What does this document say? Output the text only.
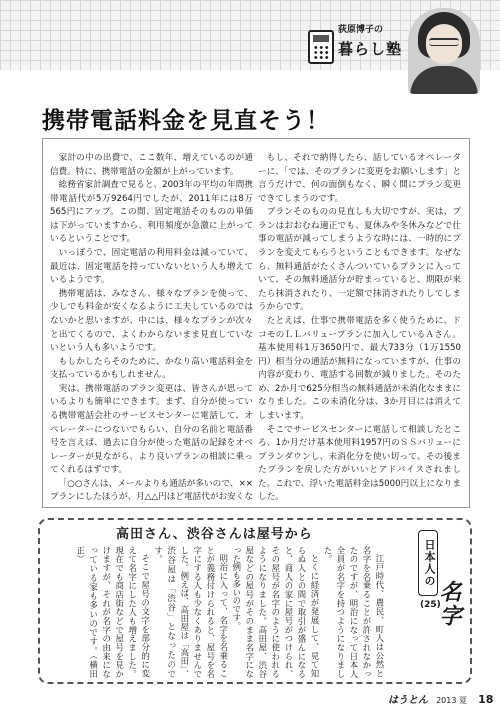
荻原博子の
暮らし塾
携帯電話料金を見直そう！

家計の中の出費で、ここ数年、増えているのが通信費。特に、携帯電話の金額が上がっています。

総務省家計調査で見ると、2003年の平均の年間携帯電話代が5万9264円でしたが、2011年には8万565円にアップ。この間、固定電話そのものの単価は下がっていますから、利用頻度が急激に上がっているということです。

いっぽうで、固定電話の利用料金は減っていて、最近は、固定電話を持っていないという人も増えているようです。

携帯電話は、みなさん、様々なプランを使って、少しでも料金が安くなるように工夫しているのではないかと思いますが、中には、様々なプランが次々と出てくるので、よくわからないまま見直していないという人も多いようです。

もしかしたらそのために、かなり高い電話料金を支払っているかもしれません。

実は、携帯電話のプラン変更は、皆さんが思っているよりも簡単にできます。まず、自分が使っている携帯電話会社のサービスセンターに電話して、オペレーターにつないでもらい、自分の名前と電話番号を言えば、過去に自分が使った電話の記録をオペレーターが見ながら、より良いプランの相談に乗ってくれるはずです。

「○○さんは、メールよりも通話が多いので、××プランにしたほうが、月△△円ほど電話代がお安くな

もし、それで納得したら、話しているオペレーターに、「では、そのプランに変更をお願いします」と言うだけで、何の面倒もなく、瞬く間にプラン変更できてしまうのです。

プランそのものの見直しも大切ですが、実は、プランはおおむね適正でも、夏休みや冬休みなどで仕事の電話が減ってしまうような時には、一時的にプランを変えてもらうということもできます。なぜなら、無料通話がたくさんついているプランに入っていて、その無料通話分が貯まっていると、期限が来たら抹消されたり、一定額で抹消されたりしてしまうからです。

たとえば、仕事で携帯電話を多く使うために、ドコモのＬＬバリュープランに加入しているＡさん。基本使用料1万3650円で、最大733分（1万1550円）相当分の通話が無料になっていますが、仕事の内容が変わり、電話する回数が減りました。そのため、2か月で625分相当の無料通話が未消化なままになりました。この未消化分は、3か月目には消えてしまいます。

そこでサービスセンターに電話して相談したところ、1か月だけ基本使用料1957円のＳＳバリューにプランダウンし、未消化分を使い切って、その後またプランを戻した方がいいとアドバイスされました。これで、浮いた電話料金は5000円以上になりました。

高田さん、渋谷さんは屋号から

江戸時代、農民、町人は公然と名字を名乗ることが許されなかったのですが、明治になって日本人全員が名字を持つようになりました。

とくに経済が発展して、見て知らぬ人との間で取引が盛んになると、商人の家に屋号がつけられ、その屋号が名字のように使われるようになりました。高田屋、渋谷屋などの屋号がそのまま名字になった例も多いのです。

明治に入って、名字を名乗ることが義務付けられると、屋号を名字にする人も少なくありませんでした。例えば、高田屋は「高田」、渋谷屋は「渋谷」となったのです。

そこで屋号の文字を部分的に変えて名字にした人も増えました。現在でも商店街などで屋号を見かけますが、それが名字の由来になっている家も多いのです。（横田正）	日本人の
(25)
名字
はうとん 2013 夏 18
